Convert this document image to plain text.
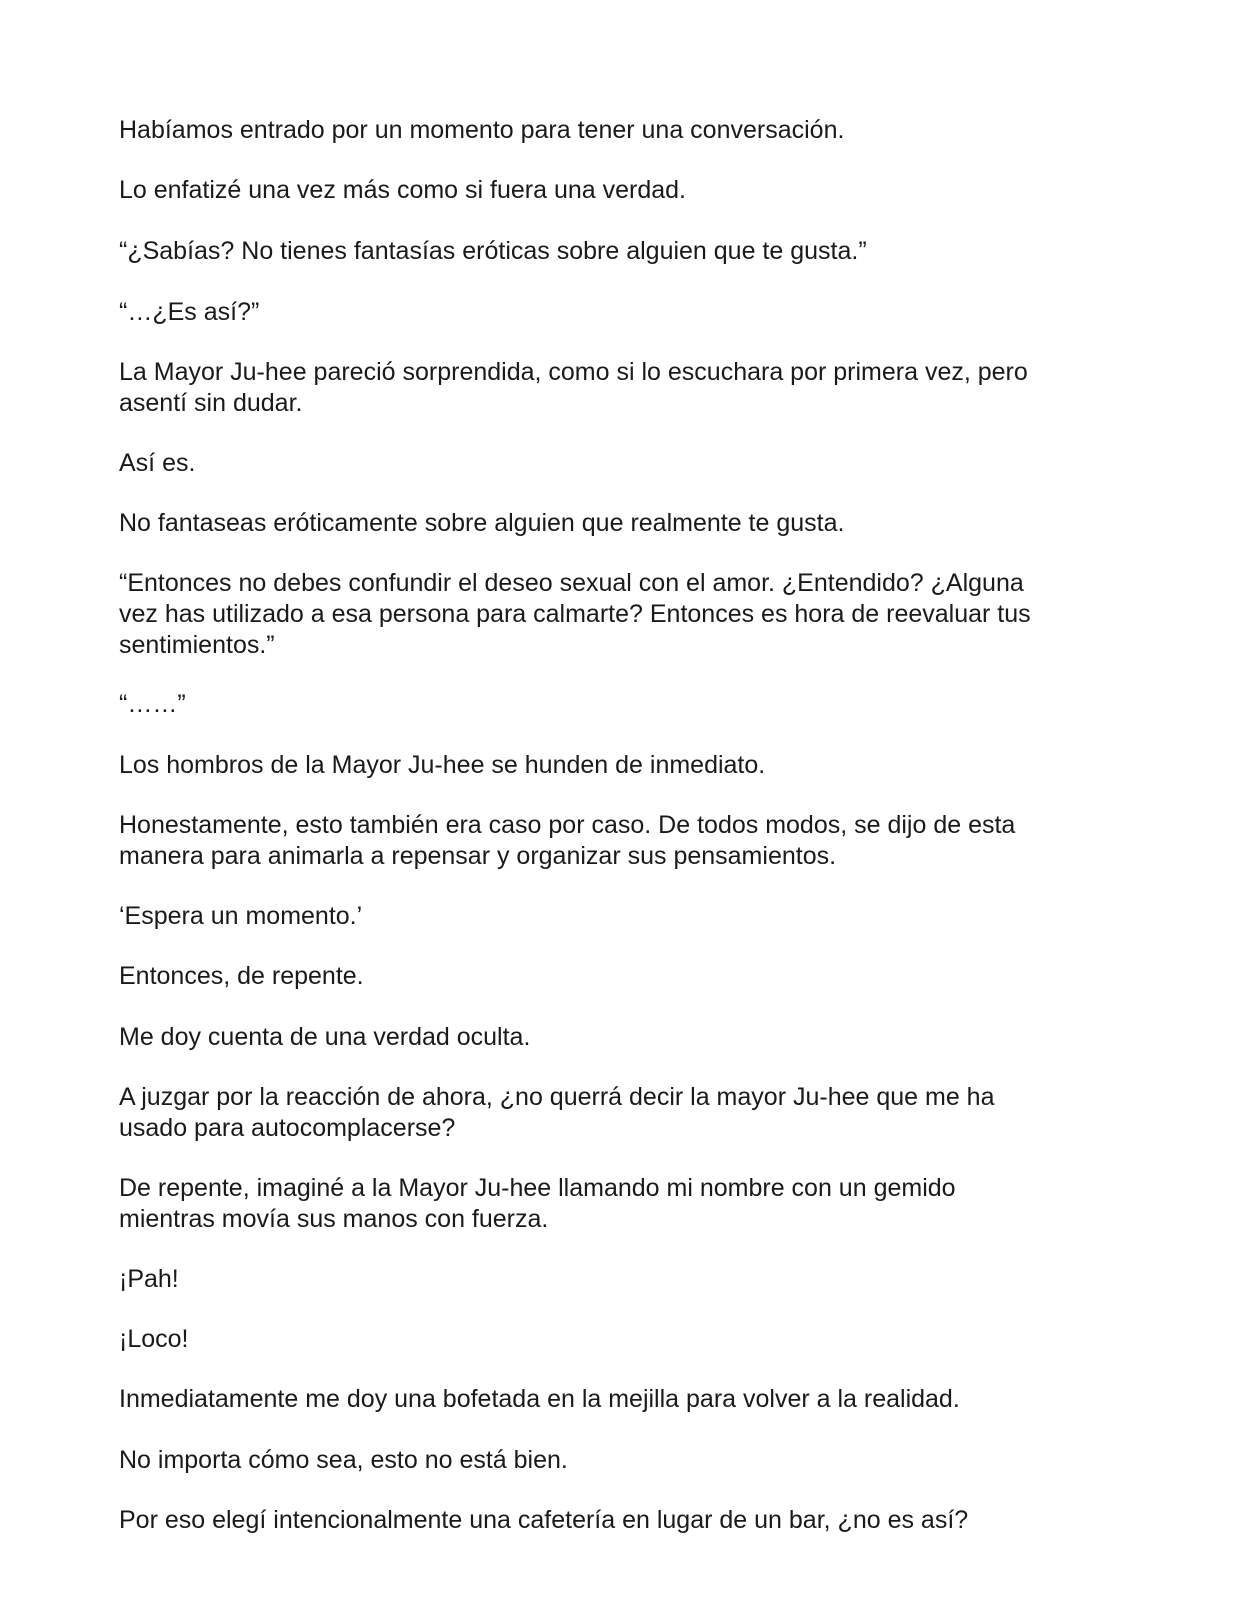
Habíamos entrado por un momento para tener una conversación.

Lo enfatizé una vez más como si fuera una verdad.

“¿Sabías? No tienes fantasías eróticas sobre alguien que te gusta.”

“…¿Es así?”

La Mayor Ju-hee pareció sorprendida, como si lo escuchara por primera vez, pero
asentí sin dudar.

Así es.

No fantaseas eróticamente sobre alguien que realmente te gusta.

“Entonces no debes confundir el deseo sexual con el amor. ¿Entendido? ¿Alguna
vez has utilizado a esa persona para calmarte? Entonces es hora de reevaluar tus
sentimientos.”

“……”

Los hombros de la Mayor Ju-hee se hunden de inmediato.

Honestamente, esto también era caso por caso. De todos modos, se dijo de esta
manera para animarla a repensar y organizar sus pensamientos.

‘Espera un momento.’

Entonces, de repente.

Me doy cuenta de una verdad oculta.

A juzgar por la reacción de ahora, ¿no querrá decir la mayor Ju-hee que me ha
usado para autocomplacerse?

De repente, imaginé a la Mayor Ju-hee llamando mi nombre con un gemido
mientras movía sus manos con fuerza.

¡Pah!

¡Loco!

Inmediatamente me doy una bofetada en la mejilla para volver a la realidad.

No importa cómo sea, esto no está bien.

Por eso elegí intencionalmente una cafetería en lugar de un bar, ¿no es así?
